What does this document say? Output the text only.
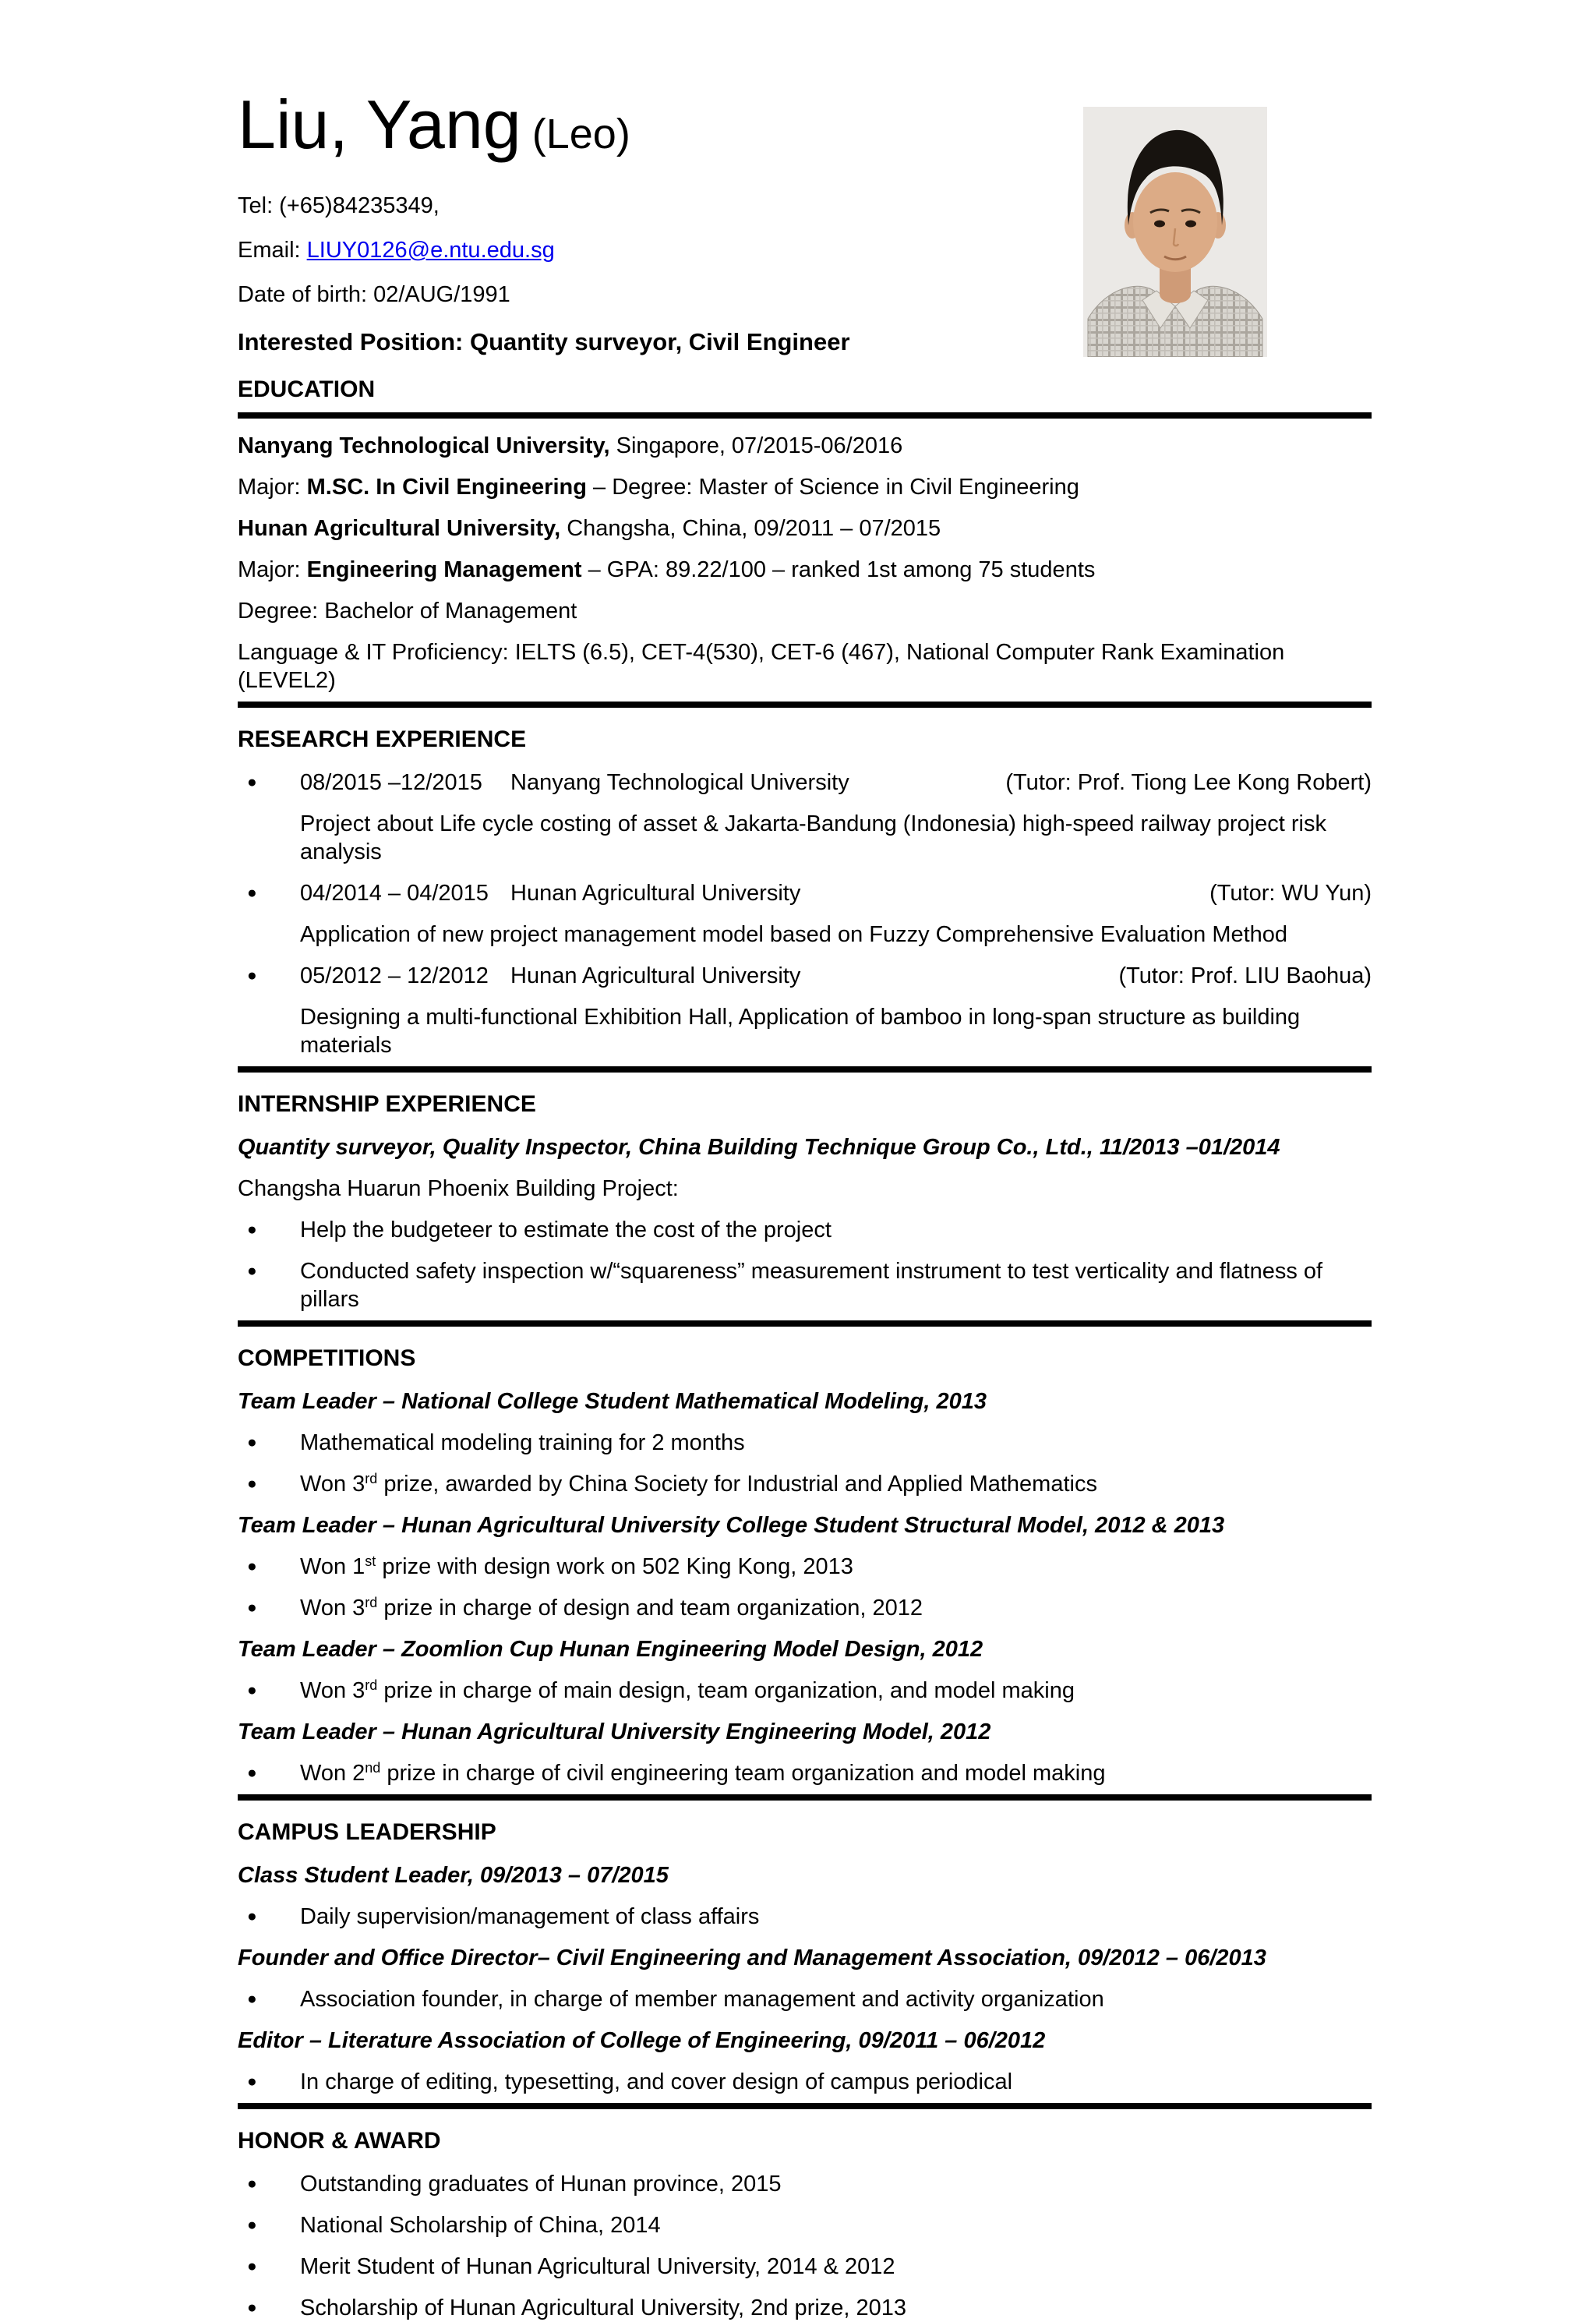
Liu, Yang (Leo)
Tel: (+65)84235349,
Email: LIUY0126@e.ntu.edu.sg
Date of birth: 02/AUG/1991
Interested Position: Quantity surveyor, Civil Engineer
EDUCATION
Nanyang Technological University, Singapore, 07/2015-06/2016
Major: M.SC. In Civil Engineering – Degree: Master of Science in Civil Engineering
Hunan Agricultural University, Changsha, China, 09/2011 – 07/2015
Major: Engineering Management – GPA: 89.22/100 – ranked 1st among 75 students
Degree: Bachelor of Management
Language & IT Proficiency: IELTS (6.5), CET-4(530), CET-6 (467), National Computer Rank Examination (LEVEL2)
RESEARCH EXPERIENCE
● 08/2015 –12/2015	Nanyang Technological University	(Tutor: Prof. Tiong Lee Kong Robert)
Project about Life cycle costing of asset & Jakarta-Bandung (Indonesia) high-speed railway project risk analysis
● 04/2014 – 04/2015 Hunan Agricultural University	(Tutor: WU Yun)
Application of new project management model based on Fuzzy Comprehensive Evaluation Method
● 05/2012 – 12/2012 Hunan Agricultural University	(Tutor: Prof. LIU Baohua)
Designing a multi-functional Exhibition Hall, Application of bamboo in long-span structure as building materials
INTERNSHIP EXPERIENCE
Quantity surveyor, Quality Inspector, China Building Technique Group Co., Ltd., 11/2013 –01/2014
Changsha Huarun Phoenix Building Project:
● Help the budgeteer to estimate the cost of the project
● Conducted safety inspection w/“squareness” measurement instrument to test verticality and flatness of pillars
COMPETITIONS
Team Leader – National College Student Mathematical Modeling, 2013
● Mathematical modeling training for 2 months
● Won 3rd prize, awarded by China Society for Industrial and Applied Mathematics
Team Leader – Hunan Agricultural University College Student Structural Model, 2012 & 2013
● Won 1st prize with design work on 502 King Kong, 2013
● Won 3rd prize in charge of design and team organization, 2012
Team Leader – Zoomlion Cup Hunan Engineering Model Design, 2012
● Won 3rd prize in charge of main design, team organization, and model making
Team Leader – Hunan Agricultural University Engineering Model, 2012
● Won 2nd prize in charge of civil engineering team organization and model making
CAMPUS LEADERSHIP
Class Student Leader, 09/2013 – 07/2015
● Daily supervision/management of class affairs
Founder and Office Director– Civil Engineering and Management Association, 09/2012 – 06/2013
● Association founder, in charge of member management and activity organization
Editor – Literature Association of College of Engineering, 09/2011 – 06/2012
● In charge of editing, typesetting, and cover design of campus periodical
HONOR & AWARD
● Outstanding graduates of Hunan province, 2015
● National Scholarship of China, 2014
● Merit Student of Hunan Agricultural University, 2014 & 2012
● Scholarship of Hunan Agricultural University, 2nd prize, 2013
